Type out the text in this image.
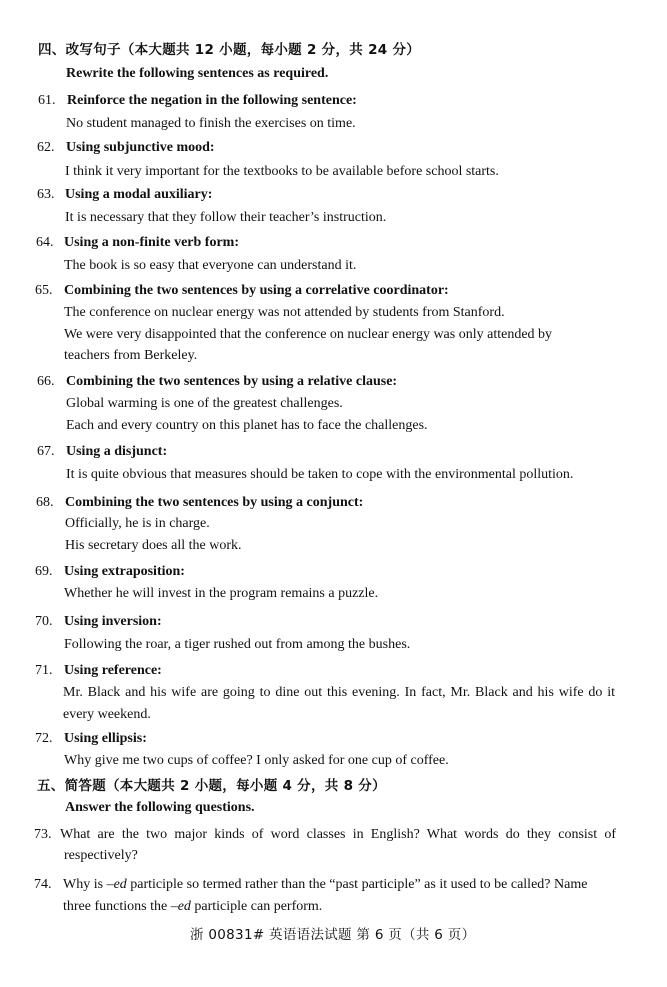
四、改写句子（本大题共 12 小题，每小题 2 分，共 24 分）
Rewrite the following sentences as required.
61. Reinforce the negation in the following sentence:
No student managed to finish the exercises on time.
62. Using subjunctive mood:
I think it very important for the textbooks to be available before school starts.
63. Using a modal auxiliary:
It is necessary that they follow their teacher’s instruction.
64. Using a non-finite verb form:
The book is so easy that everyone can understand it.
65. Combining the two sentences by using a correlative coordinator:
The conference on nuclear energy was not attended by students from Stanford.
We were very disappointed that the conference on nuclear energy was only attended by
teachers from Berkeley.
66. Combining the two sentences by using a relative clause:
Global warming is one of the greatest challenges.
Each and every country on this planet has to face the challenges.
67. Using a disjunct:
It is quite obvious that measures should be taken to cope with the environmental pollution.
68. Combining the two sentences by using a conjunct:
Officially, he is in charge.
His secretary does all the work.
69. Using extraposition:
Whether he will invest in the program remains a puzzle.
70. Using inversion:
Following the roar, a tiger rushed out from among the bushes.
71. Using reference:
Mr. Black and his wife are going to dine out this evening. In fact, Mr. Black and his wife do it
every weekend.
72. Using ellipsis:
Why give me two cups of coffee? I only asked for one cup of coffee.
五、简答题（本大题共 2 小题，每小题 4 分，共 8 分）
Answer the following questions.
73. What are the two major kinds of word classes in English? What words do they consist of
respectively?
74. Why is –ed participle so termed rather than the “past participle” as it used to be called? Name
three functions the –ed participle can perform.
浙 00831# 英语语法试题 第 6 页（共 6 页）
